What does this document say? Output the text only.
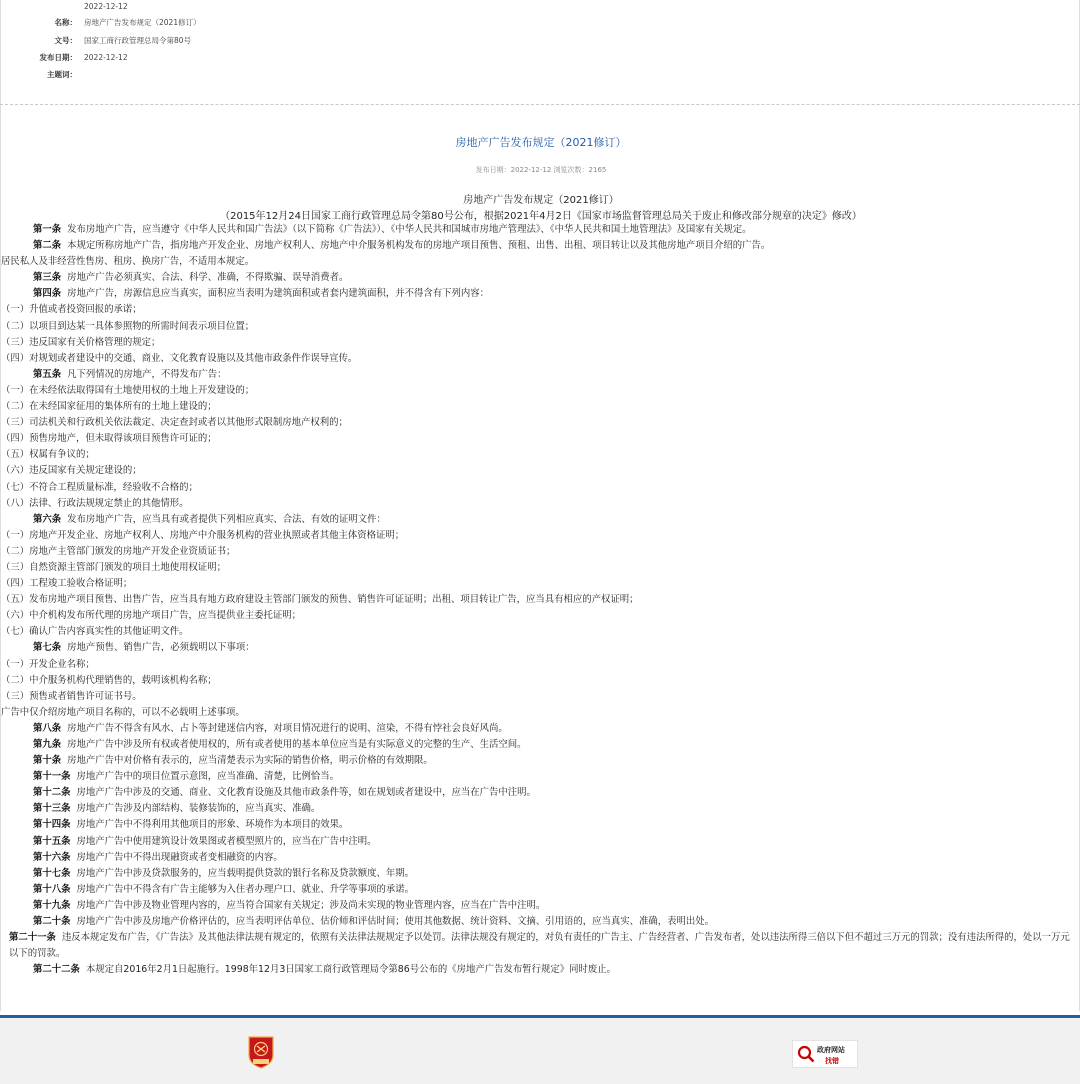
2022-12-12
名称： 房地产广告发布规定（2021修订）
文号： 国家工商行政管理总局令第80号
发布日期： 2022-12-12
主题词：
房地产广告发布规定（2021修订）
发布日期：2022-12-12 浏览次数：2165
房地产广告发布规定（2021修订）
（2015年12月24日国家工商行政管理总局令第80号公布，根据2021年4月2日《国家市场监督管理总局关于废止和修改部分规章的决定》修改）
第一条 发布房地产广告，应当遵守《中华人民共和国广告法》（以下简称《广告法》）、《中华人民共和国城市房地产管理法》、《中华人民共和国土地管理法》及国家有关规定。
第二条 本规定所称房地产广告，指房地产开发企业、房地产权利人、房地产中介服务机构发布的房地产项目预售、预租、出售、出租、项目转让以及其他房地产项目介绍的广告。
居民私人及非经营性售房、租房、换房广告，不适用本规定。
第三条 房地产广告必须真实、合法、科学、准确，不得欺骗、误导消费者。
第四条 房地产广告，房源信息应当真实，面积应当表明为建筑面积或者套内建筑面积，并不得含有下列内容：
（一）升值或者投资回报的承诺；
（二）以项目到达某一具体参照物的所需时间表示项目位置；
（三）违反国家有关价格管理的规定；
（四）对规划或者建设中的交通、商业、文化教育设施以及其他市政条件作误导宣传。
第五条 凡下列情况的房地产，不得发布广告：
（一）在未经依法取得国有土地使用权的土地上开发建设的；
（二）在未经国家征用的集体所有的土地上建设的；
（三）司法机关和行政机关依法裁定、决定查封或者以其他形式限制房地产权利的；
（四）预售房地产，但未取得该项目预售许可证的；
（五）权属有争议的；
（六）违反国家有关规定建设的；
（七）不符合工程质量标准，经验收不合格的；
（八）法律、行政法规规定禁止的其他情形。
第六条 发布房地产广告，应当具有或者提供下列相应真实、合法、有效的证明文件：
（一）房地产开发企业、房地产权利人、房地产中介服务机构的营业执照或者其他主体资格证明；
（二）房地产主管部门颁发的房地产开发企业资质证书；
（三）自然资源主管部门颁发的项目土地使用权证明；
（四）工程竣工验收合格证明；
（五）发布房地产项目预售、出售广告，应当具有地方政府建设主管部门颁发的预售、销售许可证证明；出租、项目转让广告，应当具有相应的产权证明；
（六）中介机构发布所代理的房地产项目广告，应当提供业主委托证明；
（七）确认广告内容真实性的其他证明文件。
第七条 房地产预售、销售广告，必须载明以下事项：
（一）开发企业名称；
（二）中介服务机构代理销售的，载明该机构名称；
（三）预售或者销售许可证书号。
广告中仅介绍房地产项目名称的，可以不必载明上述事项。
第八条 房地产广告不得含有风水、占卜等封建迷信内容，对项目情况进行的说明、渲染，不得有悖社会良好风尚。
第九条 房地产广告中涉及所有权或者使用权的，所有或者使用的基本单位应当是有实际意义的完整的生产、生活空间。
第十条 房地产广告中对价格有表示的，应当清楚表示为实际的销售价格，明示价格的有效期限。
第十一条 房地产广告中的项目位置示意图，应当准确、清楚，比例恰当。
第十二条 房地产广告中涉及的交通、商业、文化教育设施及其他市政条件等，如在规划或者建设中，应当在广告中注明。
第十三条 房地产广告涉及内部结构、装修装饰的，应当真实、准确。
第十四条 房地产广告中不得利用其他项目的形象、环境作为本项目的效果。
第十五条 房地产广告中使用建筑设计效果图或者模型照片的，应当在广告中注明。
第十六条 房地产广告中不得出现融资或者变相融资的内容。
第十七条 房地产广告中涉及贷款服务的，应当载明提供贷款的银行名称及贷款额度、年期。
第十八条 房地产广告中不得含有广告主能够为入住者办理户口、就业、升学等事项的承诺。
第十九条 房地产广告中涉及物业管理内容的，应当符合国家有关规定；涉及尚未实现的物业管理内容，应当在广告中注明。
第二十条 房地产广告中涉及房地产价格评估的，应当表明评估单位、估价师和评估时间；使用其他数据、统计资料、文摘、引用语的，应当真实、准确，表明出处。
第二十一条 违反本规定发布广告，《广告法》及其他法律法规有规定的，依照有关法律法规规定予以处罚。法律法规没有规定的，对负有责任的广告主、广告经营者、广告发布者，处以违法所得三倍以下但不超过三万元的罚款；没有违法所得的，处以一万元以下的罚款。
第二十二条 本规定自2016年2月1日起施行。1998年12月3日国家工商行政管理局令第86号公布的《房地产广告发布暂行规定》同时废止。
政府网站
找错
